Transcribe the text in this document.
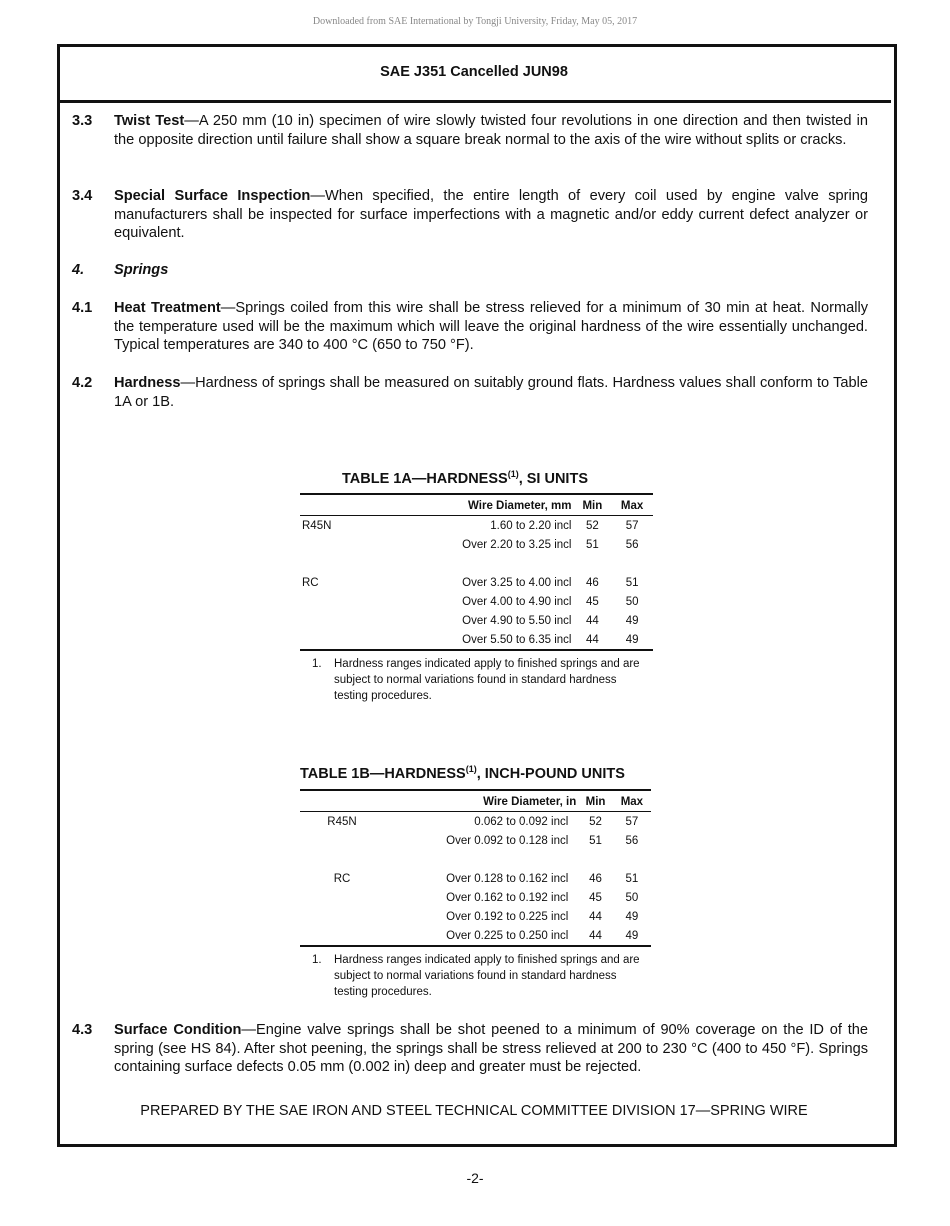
Downloaded from SAE International by Tongji University, Friday, May 05, 2017
SAE J351 Cancelled JUN98
3.3 Twist Test—A 250 mm (10 in) specimen of wire slowly twisted four revolutions in one direction and then twisted in the opposite direction until failure shall show a square break normal to the axis of the wire without splits or cracks.
3.4 Special Surface Inspection—When specified, the entire length of every coil used by engine valve spring manufacturers shall be inspected for surface imperfections with a magnetic and/or eddy current defect analyzer or equivalent.
4. Springs
4.1 Heat Treatment—Springs coiled from this wire shall be stress relieved for a minimum of 30 min at heat. Normally the temperature used will be the maximum which will leave the original hardness of the wire essentially unchanged. Typical temperatures are 340 to 400 °C (650 to 750 °F).
4.2 Hardness—Hardness of springs shall be measured on suitably ground flats. Hardness values shall conform to Table 1A or 1B.
TABLE 1A—HARDNESS$^{(1)}$, SI UNITS
	Wire Diameter, mm	Min	Max
R45N	1.60 to 2.20 incl	52	57
	Over 2.20 to 3.25 incl	51	56

RC	Over 3.25 to 4.00 incl	46	51
	Over 4.00 to 4.90 incl	45	50
	Over 4.90 to 5.50 incl	44	49
	Over 5.50 to 6.35 incl	44	49
1.	Hardness ranges indicated apply to finished springs and are subject to normal variations found in standard hardness testing procedures.
TABLE 1B—HARDNESS$^{(1)}$, INCH-POUND UNITS
	Wire Diameter, in	Min	Max
R45N	0.062 to 0.092 incl	52	57
	Over 0.092 to 0.128 incl	51	56

RC	Over 0.128 to 0.162 incl	46	51
	Over 0.162 to 0.192 incl	45	50
	Over 0.192 to 0.225 incl	44	49
	Over 0.225 to 0.250 incl	44	49
1.	Hardness ranges indicated apply to finished springs and are subject to normal variations found in standard hardness testing procedures.
4.3 Surface Condition—Engine valve springs shall be shot peened to a minimum of 90% coverage on the ID of the spring (see HS 84). After shot peening, the springs shall be stress relieved at 200 to 230 °C (400 to 450 °F). Springs containing surface defects 0.05 mm (0.002 in) deep and greater must be rejected.
PREPARED BY THE SAE IRON AND STEEL TECHNICAL COMMITTEE DIVISION 17—SPRING WIRE
-2-
